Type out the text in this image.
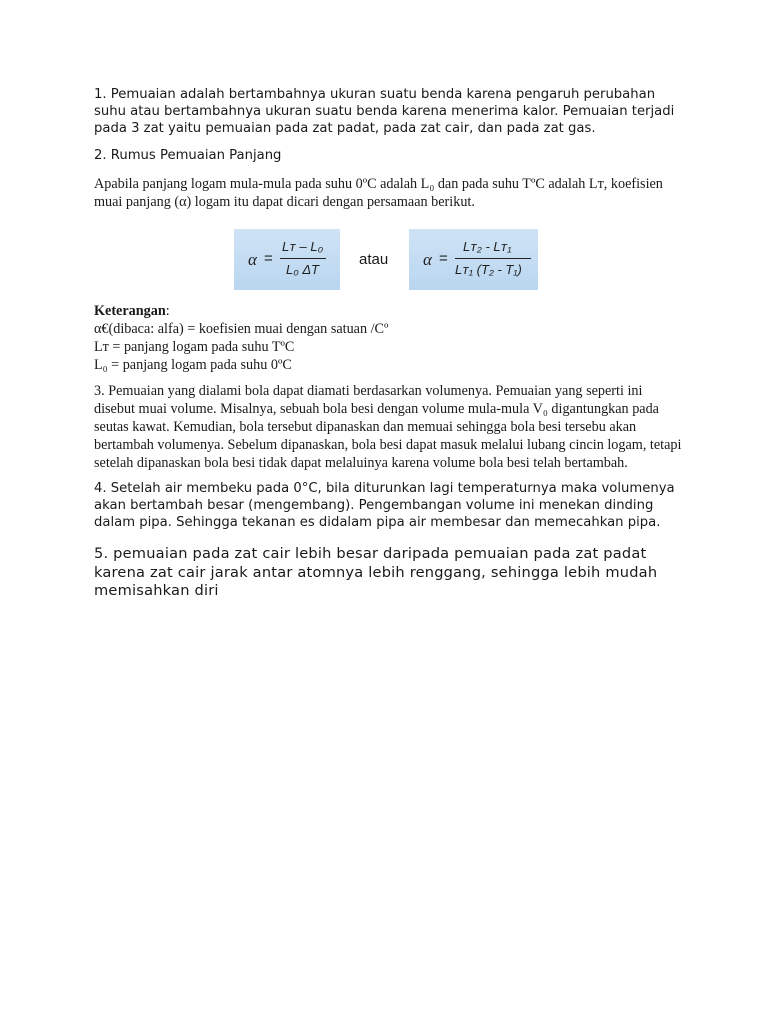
1. Pemuaian adalah bertambahnya ukuran suatu benda karena pengaruh perubahan suhu atau bertambahnya ukuran suatu benda karena menerima kalor. Pemuaian terjadi pada 3 zat yaitu pemuaian pada zat padat, pada zat cair, dan pada zat gas.

2. Rumus Pemuaian Panjang

Apabila panjang logam mula-mula pada suhu 0ºC adalah L₀ dan pada suhu TºC adalah Lᴛ, koefisien muai panjang (α) logam itu dapat dicari dengan persamaan berikut.

α =
Lᴛ – L₀
L₀ ΔT
atau α =
Lᴛ₂ - Lᴛ₁
Lᴛ₁ (T₂ - T₁)

Keterangan:

α€(dibaca: alfa) = koefisien muai dengan satuan /Cº

Lᴛ = panjang logam pada suhu TºC

L₀ = panjang logam pada suhu 0ºC

3. Pemuaian yang dialami bola dapat diamati berdasarkan volumenya. Pemuaian yang seperti ini disebut muai volume. Misalnya, sebuah bola besi dengan volume mula-mula V₀ digantungkan pada seutas kawat. Kemudian, bola tersebut dipanaskan dan memuai sehingga bola besi tersebu akan bertambah volumenya. Sebelum dipanaskan, bola besi dapat masuk melalui lubang cincin logam, tetapi setelah dipanaskan bola besi tidak dapat melaluinya karena volume bola besi telah bertambah.

4. Setelah air membeku pada 0°C, bila diturunkan lagi temperaturnya maka volumenya akan bertambah besar (mengembang). Pengembangan volume ini menekan dinding dalam pipa. Sehingga tekanan es didalam pipa air membesar dan memecahkan pipa.

5. pemuaian pada zat cair lebih besar daripada pemuaian pada zat padat karena zat cair jarak antar atomnya lebih renggang, sehingga lebih mudah memisahkan diri
